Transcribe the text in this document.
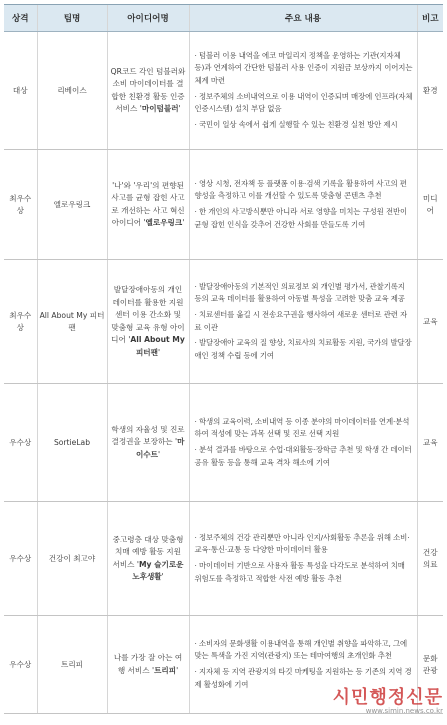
상격	팀명	아이디어명	주요 내용	비고
대상	리베이스	QR코드 각인 텀블러와 소비 마이데이터를 결합한 친환경 활동 인증 서비스 '마이텀블러'	· 텀블러 이용 내역을 에코 마일리지 정책을 운영하는 기관(지자체 등)과 연계하여 간단한 텀블러 사용 인증이 지원금 보상까지 이어지는 체계 마련
· 정보주체의 소비내역으로 이용 내역이 인증되며 매장에 인프라(자체인증시스템) 설치 부담 없음
· 국민이 일상 속에서 쉽게 실행할 수 있는 친환경 실천 방안 제시	환경
최우수상	엘로우링크	'나'와 '우리'의 편향된 사고를 균형 잡힌 사고로 개선하는 사고 혁신 아이디어 '옐로우링크'	· 영상 시청, 전자책 등 플랫폼 이용·검색 기록을 활용하여 사고의 편향성을 측정하고 이를 개선할 수 있도록 맞춤형 콘텐츠 추천
· 한 개인의 사고방식뿐만 아니라 서로 영향을 미치는 구성원 전반이 균형 잡힌 인식을 갖추어 건강한 사회를 만들도록 기여	미디어
최우수상	All About My 피터팬	발달장애아동의 개인데이터를 활용한 지원센터 이용 간소화 및 맞춤형 교육 유형 아이디어 'All About My 피터팬'	· 발달장애아동의 기본적인 의료정보 외 개인별 평가서, 관찰기록지 등의 교육 데이터를 활용하여 아동별 특성을 고려한 맞춤 교육 제공
· 치료센터를 옮길 시 전송요구권을 행사하여 새로운 센터로 관련 자료 이관
· 발달장애아 교육의 질 향상, 치료사의 치료활동 지원, 국가의 발달장애인 정책 수립 등에 기여	교육
우수상	SortieLab	학생의 자율성 및 진로 결정권을 보장하는 '마이수트'	· 학생의 교육이력, 소비내역 등 이종 분야의 마이데이터를 연계·분석하여 적성에 맞는 과목 선택 및 진로 선택 지원
· 분석 결과를 바탕으로 수업·대외활동·장학금 추천 및 학생 간 데이터 공유 활동 등을 통해 교육 격차 해소에 기여	교육
우수상	건강이 최고야	중고령층 대상 맞춤형 치매 예방 활동 지원 서비스 'My 슬기로운 노후생활'	· 정보주체의 건강 관리뿐만 아니라 인지/사회활동 추론을 위해 소비·교육·통신·교통 등 다양한 마이데이터 활용
· 마이데이터 기반으로 사용자 활동 특성을 다각도로 분석하여 치매 위험도를 측정하고 적합한 사전 예방 활동 추천	건강의료
우수상	트리피	나를 가장 잘 아는 여행 서비스 '트리피'	· 소비자의 문화생활 이용내역을 통해 개인별 취향을 파악하고, 그에 맞는 특색을 가진 지역(관광지) 또는 테마여행의 초개인화 추천
· 지자체 등 지역 관광지의 타깃 마케팅을 지원하는 등 기존의 지역 경제 활성화에 기여	문화관광
시민행정신문
www.simin.news.co.kr
